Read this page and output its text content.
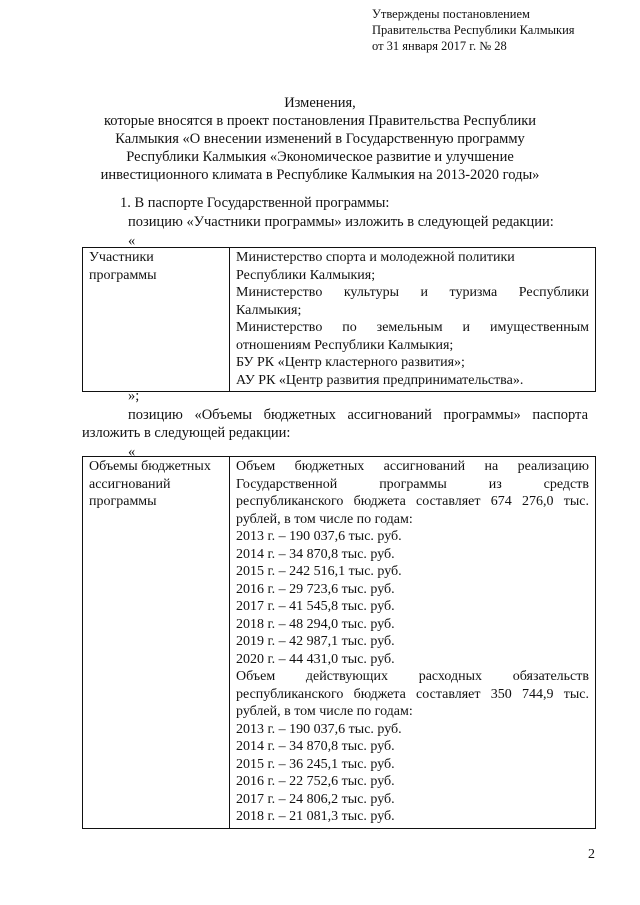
Утверждены постановлением
Правительства Республики Калмыкия
от 31 января 2017 г. № 28
Изменения,
которые вносятся в проект постановления Правительства Республики
Калмыкия «О внесении изменений в Государственную программу
Республики Калмыкия «Экономическое развитие и улучшение
инвестиционного климата в Республике Калмыкия на 2013-2020 годы»
1. В паспорте Государственной программы:
позицию «Участники программы» изложить в следующей редакции:
«
Участники
программы

Министерство спорта и молодежной политики
Республики Калмыкия;
Министерство культуры и туризма Республики
Калмыкия;
Министерство по земельным и имущественным
отношениям Республики Калмыкия;
БУ РК «Центр кластерного развития»;
АУ РК «Центр развития предпринимательства».
»;
позицию «Объемы бюджетных ассигнований программы» паспорта
изложить в следующей редакции:
«
Объемы бюджетных
ассигнований
программы

Объем бюджетных ассигнований на реализацию
Государственной программы из средств
республиканского бюджета составляет 674 276,0 тыс.
рублей, в том числе по годам:
2013 г. – 190 037,6 тыс. руб.
2014 г. – 34 870,8 тыс. руб.
2015 г. – 242 516,1 тыс. руб.
2016 г. – 29 723,6 тыс. руб.
2017 г. – 41 545,8 тыс. руб.
2018 г. – 48 294,0 тыс. руб.
2019 г. – 42 987,1 тыс. руб.
2020 г. – 44 431,0 тыс. руб.
Объем действующих расходных обязательств
республиканского бюджета составляет 350 744,9 тыс.
рублей, в том числе по годам:
2013 г. – 190 037,6 тыс. руб.
2014 г. – 34 870,8 тыс. руб.
2015 г. – 36 245,1 тыс. руб.
2016 г. – 22 752,6 тыс. руб.
2017 г. – 24 806,2 тыс. руб.
2018 г. – 21 081,3 тыс. руб.
2
